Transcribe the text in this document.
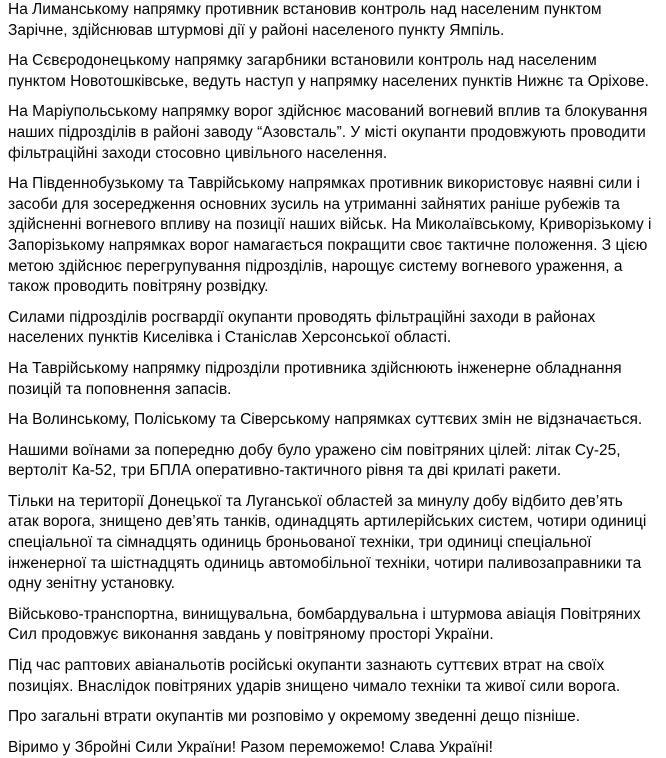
На Лиманському напрямку противник встановив контроль над населеним пунктом Зарічне, здійснював штурмові дії у районі населеного пункту Ямпіль.

На Сєвєродонецькому напрямку загарбники встановили контроль над населеним пунктом Новотошківське, ведуть наступ у напрямку населених пунктів Нижнє та Оріхове.

На Маріупольському напрямку ворог здійснює масований вогневий вплив та блокування наших підрозділів в районі заводу “Азовсталь”. У місті окупанти продовжують проводити фільтраційні заходи стосовно цивільного населення.

На Південнобузькому та Таврійському напрямках противник використовує наявні сили і засоби для зосередження основних зусиль на утриманні зайнятих раніше рубежів та здійсненні вогневого впливу на позиції наших військ. На Миколаївському, Криворізькому і Запорізькому напрямках ворог намагається покращити своє тактичне положення. З цією метою здійснює перегрупування підрозділів, нарощує систему вогневого ураження, а також проводить повітряну розвідку.

Силами підрозділів росгвардії окупанти проводять фільтраційні заходи в районах населених пунктів Киселівка і Станіслав Херсонської області.

На Таврійському напрямку підрозділи противника здійснюють інженерне обладнання позицій та поповнення запасів.

На Волинському, Поліському та Сіверському напрямках суттєвих змін не відзначається.

Нашими воїнами за попередню добу було уражено сім повітряних цілей: літак Су-25, вертоліт Ка-52, три БПЛА оперативно-тактичного рівня та дві крилаті ракети.

Тільки на території Донецької та Луганської областей за минулу добу відбито дев’ять атак ворога, знищено дев’ять танків, одинадцять артилерійських систем, чотири одиниці спеціальної та сімнадцять одиниць броньованої техніки, три одиниці спеціальної інженерної та шістнадцять одиниць автомобільної техніки, чотири паливозаправники та одну зенітну установку.

Військово-транспортна, винищувальна, бомбардувальна і штурмова авіація Повітряних Сил продовжує виконання завдань у повітряному просторі України.

Під час раптових авіанальотів російські окупанти зазнають суттєвих втрат на своїх позиціях. Внаслідок повітряних ударів знищено чимало техніки та живої сили ворога.

Про загальні втрати окупантів ми розповімо у окремому зведенні дещо пізніше.

Віримо у Збройні Сили України! Разом переможемо! Слава Україні!
